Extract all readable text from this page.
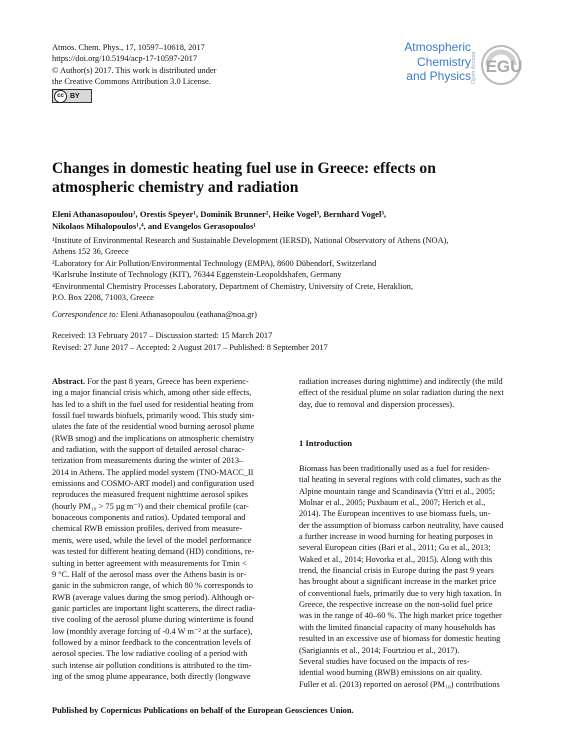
Atmos. Chem. Phys., 17, 10597–10618, 2017
https://doi.org/10.5194/acp-17-10597-2017
© Author(s) 2017. This work is distributed under
the Creative Commons Attribution 3.0 License.
cc BY
Atmospheric
Chemistry
and Physics Open Access EGU
Changes in domestic heating fuel use in Greece: effects on
atmospheric chemistry and radiation
Eleni Athanasopoulou¹, Orestis Speyer¹, Dominik Brunner², Heike Vogel³, Bernhard Vogel³,
Nikolaos Mihalopoulos¹,⁴, and Evangelos Gerasopoulos¹
¹Institute of Environmental Research and Sustainable Development (IERSD), National Observatory of Athens (NOA),
Athens 152 36, Greece
²Laboratory for Air Pollution/Environmental Technology (EMPA), 8600 Dübendorf, Switzerland
³Karlsruhe Institute of Technology (KIT), 76344 Eggenstein-Leopoldshafen, Germany
⁴Environmental Chemistry Processes Laboratory, Department of Chemistry, University of Crete, Heraklion,
P.O. Box 2208, 71003, Greece
Correspondence to: Eleni Athanasopoulou (eathana@noa.gr)
Received: 13 February 2017 – Discussion started: 15 March 2017
Revised: 27 June 2017 – Accepted: 2 August 2017 – Published: 8 September 2017

Abstract. For the past 8 years, Greece has been experienc-

ing a major financial crisis which, among other side effects,

has led to a shift in the fuel used for residential heating from

fossil fuel towards biofuels, primarily wood. This study sim-

ulates the fate of the residential wood burning aerosol plume

(RWB smog) and the implications on atmospheric chemistry

and radiation, with the support of detailed aerosol charac-

terization from measurements during the winter of 2013–

2014 in Athens. The applied model system (TNO-MACC_II

emissions and COSMO-ART model) and configuration used

reproduces the measured frequent nighttime aerosol spikes

(hourly PM₁₀ > 75 µg m⁻³) and their chemical profile (car-

bonaceous components and ratios). Updated temporal and

chemical RWB emission profiles, derived from measure-

ments, were used, while the level of the model performance

was tested for different heating demand (HD) conditions, re-

sulting in better agreement with measurements for Tmin <

9 °C. Half of the aerosol mass over the Athens basin is or-

ganic in the submicron range, of which 80 % corresponds to

RWB (average values during the smog period). Although or-

ganic particles are important light scatterers, the direct radia-

tive cooling of the aerosol plume during wintertime is found

low (monthly average forcing of -0.4 W m⁻² at the surface),

followed by a minor feedback to the concentration levels of

aerosol species. The low radiative cooling of a period with

such intense air pollution conditions is attributed to the tim-

ing of the smog plume appearance, both directly (longwave

radiation increases during nighttime) and indirectly (the mild

effect of the residual plume on solar radiation during the next

day, due to removal and dispersion processes).

1 Introduction

Biomass has been traditionally used as a fuel for residen-

tial heating in several regions with cold climates, such as the

Alpine mountain range and Scandinavia (Yttri et al., 2005;

Molnar et al., 2005; Puxbaum et al., 2007; Herich et al.,

2014). The European incentives to use biomass fuels, un-

der the assumption of biomass carbon neutrality, have caused

a further increase in wood burning for heating purposes in

several European cities (Bari et al., 2011; Gu et al., 2013;

Waked et al., 2014; Hovorka et al., 2015). Along with this

trend, the financial crisis in Europe during the past 9 years

has brought about a significant increase in the market price

of conventional fuels, primarily due to very high taxation. In

Greece, the respective increase on the non-solid fuel price

was in the range of 40–60 %. The high market price together

with the limited financial capacity of many households has

resulted in an excessive use of biomass for domestic heating

(Sarigiannis et al., 2014; Fourtziou et al., 2017).

Several studies have focused on the impacts of res-

idential wood burning (RWB) emissions on air quality.

Fuller et al. (2013) reported on aerosol (PM₁₀) contributions

Published by Copernicus Publications on behalf of the European Geosciences Union.
